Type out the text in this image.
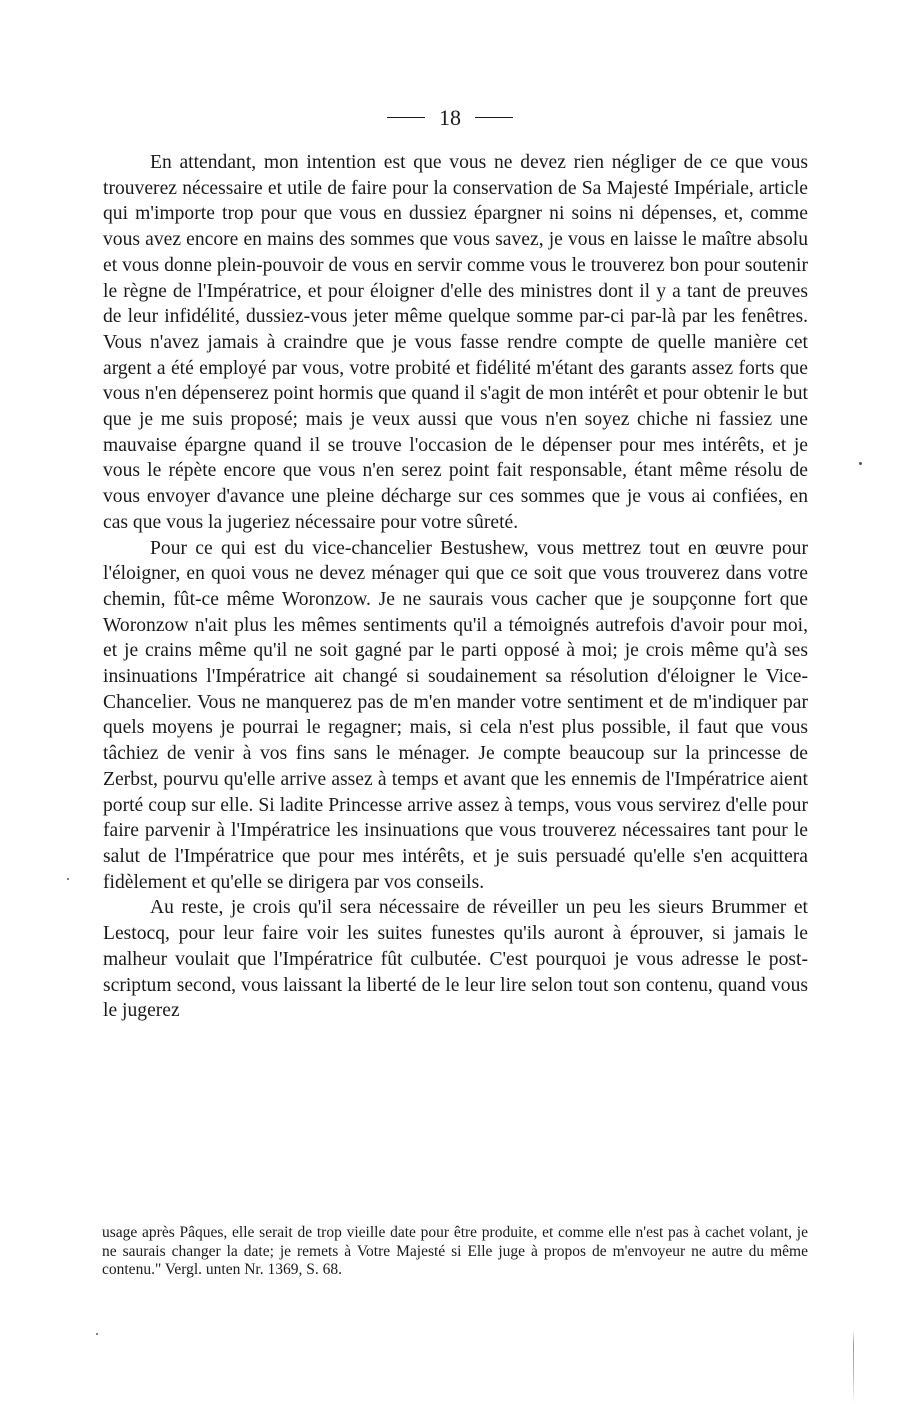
18

En attendant, mon intention est que vous ne devez rien négliger de ce que vous trouverez nécessaire et utile de faire pour la conservation de Sa Majesté Impériale, article qui m'importe trop pour que vous en dussiez épargner ni soins ni dépenses, et, comme vous avez encore en mains des sommes que vous savez, je vous en laisse le maître absolu et vous donne plein-pouvoir de vous en servir comme vous le trouverez bon pour soutenir le règne de l'Impératrice, et pour éloigner d'elle des ministres dont il y a tant de preuves de leur infidélité, dussiez-vous jeter même quelque somme par-ci par-là par les fenêtres. Vous n'avez jamais à craindre que je vous fasse rendre compte de quelle manière cet argent a été employé par vous, votre probité et fidélité m'étant des garants assez forts que vous n'en dépenserez point hormis que quand il s'agit de mon intérêt et pour obtenir le but que je me suis proposé; mais je veux aussi que vous n'en soyez chiche ni fassiez une mauvaise épargne quand il se trouve l'occasion de le dépenser pour mes intérêts, et je vous le répète encore que vous n'en serez point fait responsable, étant même résolu de vous envoyer d'avance une pleine décharge sur ces sommes que je vous ai confiées, en cas que vous la jugeriez nécessaire pour votre sûreté.

Pour ce qui est du vice-chancelier Bestushew, vous mettrez tout en œuvre pour l'éloigner, en quoi vous ne devez ménager qui que ce soit que vous trouverez dans votre chemin, fût-ce même Woronzow. Je ne saurais vous cacher que je soupçonne fort que Woronzow n'ait plus les mêmes sentiments qu'il a témoignés autrefois d'avoir pour moi, et je crains même qu'il ne soit gagné par le parti opposé à moi; je crois même qu'à ses insinuations l'Impératrice ait changé si soudainement sa résolution d'éloigner le Vice-Chancelier. Vous ne manquerez pas de m'en mander votre sentiment et de m'indiquer par quels moyens je pourrai le regagner; mais, si cela n'est plus possible, il faut que vous tâchiez de venir à vos fins sans le ménager. Je compte beaucoup sur la princesse de Zerbst, pourvu qu'elle arrive assez à temps et avant que les ennemis de l'Impératrice aient porté coup sur elle. Si ladite Princesse arrive assez à temps, vous vous servirez d'elle pour faire parvenir à l'Impératrice les insinuations que vous trouverez nécessaires tant pour le salut de l'Impératrice que pour mes intérêts, et je suis persuadé qu'elle s'en acquittera fidèlement et qu'elle se dirigera par vos conseils.

Au reste, je crois qu'il sera nécessaire de réveiller un peu les sieurs Brummer et Lestocq, pour leur faire voir les suites funestes qu'ils auront à éprouver, si jamais le malheur voulait que l'Impératrice fût culbutée. C'est pourquoi je vous adresse le post-scriptum second, vous laissant la liberté de le leur lire selon tout son contenu, quand vous le jugerez

usage après Pâques, elle serait de trop vieille date pour être produite, et comme elle n'est pas à cachet volant, je ne saurais changer la date; je remets à Votre Majesté si Elle juge à propos de m'envoyeur ne autre du même contenu." Vergl. unten Nr. 1369, S. 68.
